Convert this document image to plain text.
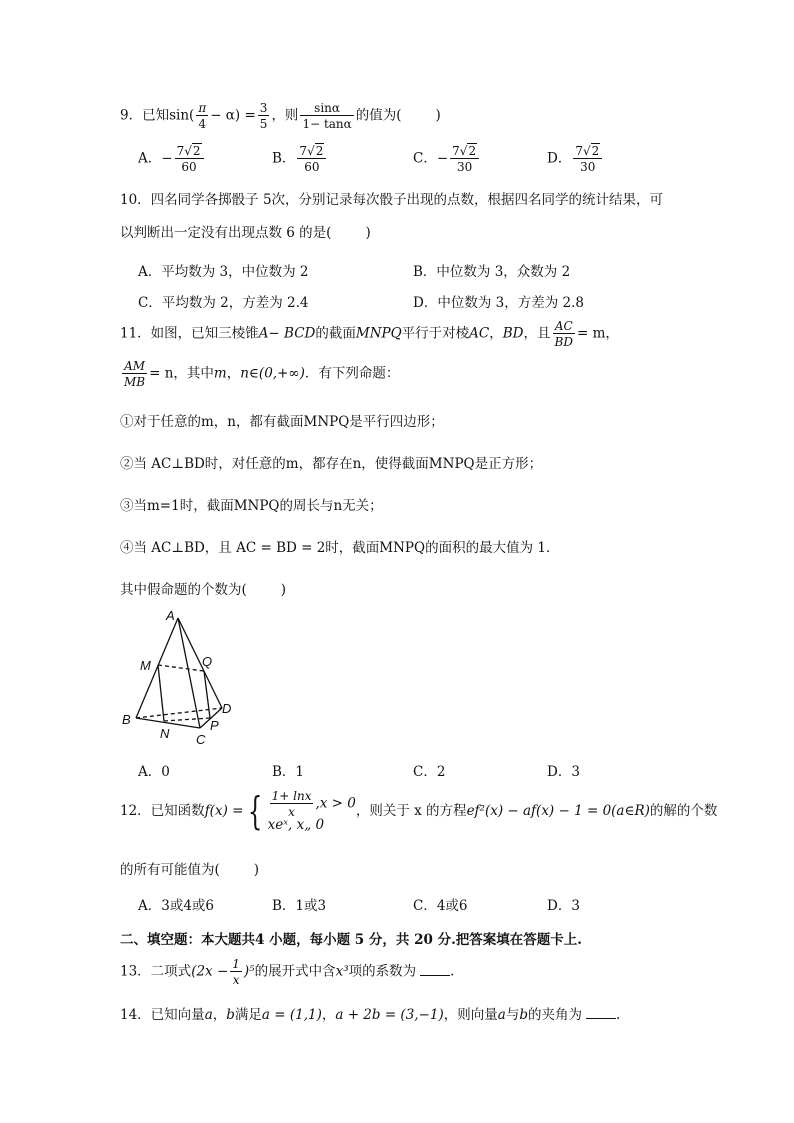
9．已知$\sin( \frac{\pi}{4} - \alpha) = \frac{3}{5}$ ，则 $\frac{\sin\alpha}{1- \tan\alpha}$ 的值为(	)
A．− $\frac{7√2}{60}$	B． $\frac{7√2}{60}$	C．− $\frac{7√2}{30}$	D． $\frac{7√2}{30}$
10．四名同学各掷骰子 5次，分别记录每次骰子出现的点数，根据四名同学的统计结果，可
以判断出一定没有出现点数 6 的是(	)
A．平均数为 3，中位数为 2	B．中位数为 3，众数为 2
C．平均数为 2，方差为 2.4	D．中位数为 3，方差为 2.8
11．如图，已知三棱锥A− BCD的截面MNPQ平行于对棱AC，BD，且 $\frac{AC}{BD} = m$，
$\frac{AM}{MB} = n$，其中m，n∈(0,+∞)．有下列命题：
①对于任意的m，n，都有截面MNPQ是平行四边形；
②当 AC⊥BD时，对任意的m，都存在n，使得截面MNPQ是正方形；
③当m=1时，截面MNPQ的周长与n无关；
④当 AC⊥BD，且 AC = BD = 2时，截面MNPQ的面积的最大值为 1．
其中假命题的个数为(	)
A
M	Q
B
D
P
N C
A．0	B．1	C．2	D．3
12．已知函数f(x) = { $\frac{1+ \ln x}{x} ,x > 0$
xeˣ, x„ 0
，则关于 x 的方程ef²(x) − af(x) − 1 = 0(a∈R)的解的个数
的所有可能值为(	)
A．3或4或6	B．1或3	C．4或6	D．3
二、填空题：本大题共4 小题，每小题 5 分，共 20 分.把答案填在答题卡上.
13．二项式$(2x - \frac{1}{x} )^5$的展开式中含x³项的系数为	.
14．已知向量a，b满足a = (1,1)，a + 2b = (3,−1)，则向量a与b的夹角为	.
